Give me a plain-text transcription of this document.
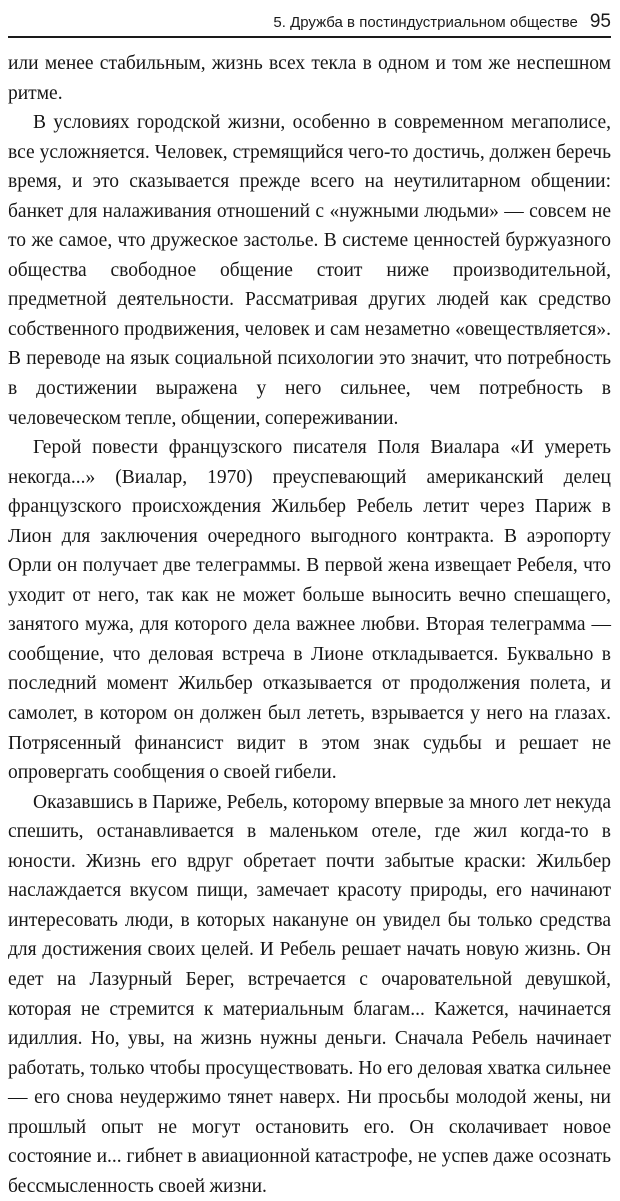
5. Дружба в постиндустриальном обществе 95

или менее стабильным, жизнь всех текла в одном и том же неспешном ритме.

В условиях городской жизни, особенно в современном мегаполисе, все усложняется. Человек, стремящийся чего-то достичь, должен беречь время, и это сказывается прежде всего на неутилитарном общении: банкет для налаживания отношений с «нужными людьми» — совсем не то же самое, что дружеское застолье. В системе ценностей буржуазного общества свободное общение стоит ниже производительной, предметной деятельности. Рассматривая других людей как средство собственного продвижения, человек и сам незаметно «овеществляется». В переводе на язык социальной психологии это значит, что потребность в достижении выражена у него сильнее, чем потребность в человеческом тепле, общении, сопереживании.

Герой повести французского писателя Поля Виалара «И умереть некогда...» (Виалар, 1970) преуспевающий американский делец французского происхождения Жильбер Ребель летит через Париж в Лион для заключения очередного выгодного контракта. В аэропорту Орли он получает две телеграммы. В первой жена извещает Ребеля, что уходит от него, так как не может больше выносить вечно спешащего, занятого мужа, для которого дела важнее любви. Вторая телеграмма — сообщение, что деловая встреча в Лионе откладывается. Буквально в последний момент Жильбер отказывается от продолжения полета, и самолет, в котором он должен был лететь, взрывается у него на глазах. Потрясенный финансист видит в этом знак судьбы и решает не опровергать сообщения о своей гибели.

Оказавшись в Париже, Ребель, которому впервые за много лет некуда спешить, останавливается в маленьком отеле, где жил когда-то в юности. Жизнь его вдруг обретает почти забытые краски: Жильбер наслаждается вкусом пищи, замечает красоту природы, его начинают интересовать люди, в которых накануне он увидел бы только средства для достижения своих целей. И Ребель решает начать новую жизнь. Он едет на Лазурный Берег, встречается с очаровательной девушкой, которая не стремится к материальным благам... Кажется, начинается идиллия. Но, увы, на жизнь нужны деньги. Сначала Ребель начинает работать, только чтобы просуществовать. Но его деловая хватка сильнее — его снова неудержимо тянет наверх. Ни просьбы молодой жены, ни прошлый опыт не могут остановить его. Он сколачивает новое состояние и... гибнет в авиационной катастрофе, не успев даже осознать бессмысленность своей жизни.
